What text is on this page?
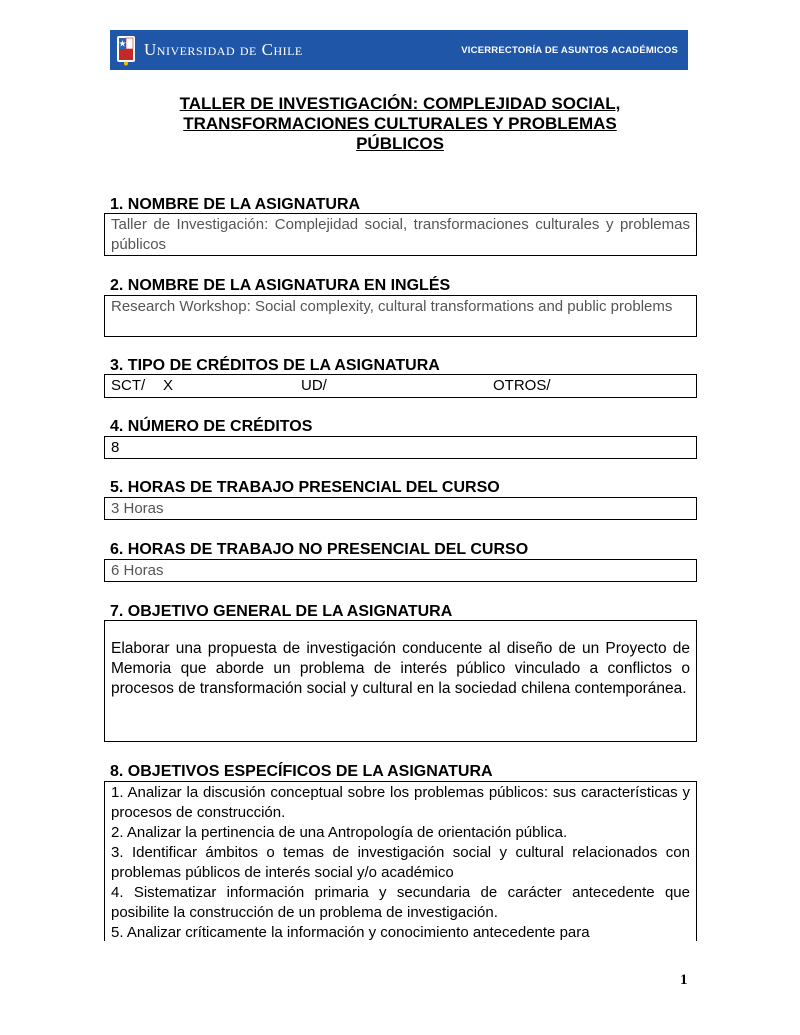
Universidad de Chile	VICERRECTORÍA DE ASUNTOS ACADÉMICOS
TALLER DE INVESTIGACIÓN: COMPLEJIDAD SOCIAL,
TRANSFORMACIONES CULTURALES Y PROBLEMAS
PÚBLICOS
1. NOMBRE DE LA ASIGNATURA
Taller de Investigación: Complejidad social, transformaciones culturales y problemas públicos
2. NOMBRE DE LA ASIGNATURA EN INGLÉS
Research Workshop: Social complexity, cultural transformations and public problems
3. TIPO DE CRÉDITOS DE LA ASIGNATURA
SCT/	X	UD/	OTROS/
4. NÚMERO DE CRÉDITOS
8
5. HORAS DE TRABAJO PRESENCIAL DEL CURSO
3 Horas
6. HORAS DE TRABAJO NO PRESENCIAL DEL CURSO
6 Horas
7. OBJETIVO GENERAL DE LA ASIGNATURA
Elaborar una propuesta de investigación conducente al diseño de un Proyecto de Memoria que aborde un problema de interés público vinculado a conflictos o procesos de transformación social y cultural en la sociedad chilena contemporánea.
8. OBJETIVOS ESPECÍFICOS DE LA ASIGNATURA

1. Analizar la discusión conceptual sobre los problemas públicos: sus características y procesos de construcción.

2. Analizar la pertinencia de una Antropología de orientación pública.

3. Identificar ámbitos o temas de investigación social y cultural relacionados con problemas públicos de interés social y/o académico

4. Sistematizar información primaria y secundaria de carácter antecedente que posibilite la construcción de un problema de investigación.

5. Analizar críticamente la información y conocimiento antecedente para

1
